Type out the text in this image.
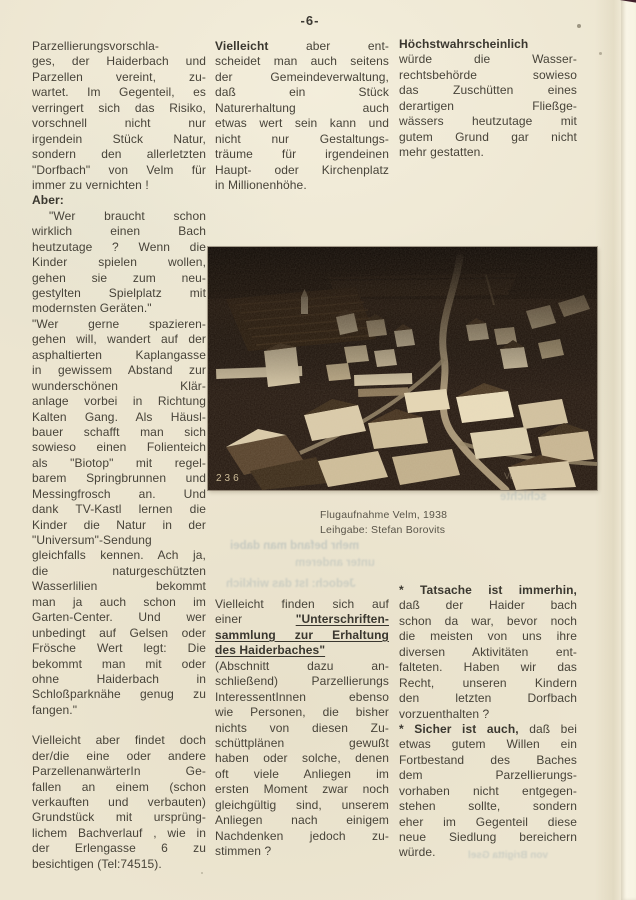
-6-
Parzellierungsvorschla-
ges, der Haiderbach und
Parzellen vereint, zu-
wartet. Im Gegenteil, es
verringert sich das Risiko,
vorschnell nicht nur
irgendein Stück Natur,
sondern den allerletzten
"Dorfbach" von Velm für
immer zu vernichten !
Aber:
"Wer braucht schon
wirklich einen Bach
heutzutage ? Wenn die
Kinder spielen wollen,
gehen sie zum neu-
gestylten Spielplatz mit
modernsten Geräten."
"Wer gerne spazieren-
gehen will, wandert auf der
asphaltierten Kaplangasse
in gewissem Abstand zur
wunderschönen Klär-
anlage vorbei in Richtung
Kalten Gang. Als Häusl-
bauer schafft man sich
sowieso einen Folienteich
als "Biotop" mit regel-
barem Springbrunnen und
Messingfrosch an. Und
dank TV-Kastl lernen die
Kinder die Natur in der
"Universum"-Sendung
gleichfalls kennen. Ach ja,
die naturgeschützten
Wasserlilien bekommt
man ja auch schon im
Garten-Center. Und wer
unbedingt auf Gelsen oder
Frösche Wert legt: Die
bekommt man mit oder
ohne Haiderbach in
Schloßparknähe genug zu
fangen."
Vielleicht aber findet doch
der/die eine oder andere
ParzellenanwärterIn Ge-
fallen an einem (schon
verkauften und verbauten)
Grundstück mit ursprüng-
lichem Bachverlauf , wie in
der Erlengasse 6 zu
besichtigen (Tel:74515).
Vielleicht aber ent-
scheidet man auch seitens
der Gemeindeverwaltung,
daß ein Stück
Naturerhaltung auch
etwas wert sein kann und
nicht nur Gestaltungs-
träume für irgendeinen
Haupt- oder Kirchenplatz
in Millionenhöhe.
Höchstwahrscheinlich
würde die Wasser-
rechtsbehörde sowieso
das Zuschütten eines
derartigen Fließge-
wässers heutzutage mit
gutem Grund gar nicht
mehr gestatten.
Vielleicht finden sich auf
einer "Unterschriften-
sammlung zur Erhaltung
des Haiderbaches"
(Abschnitt dazu an-
schließend) Parzellierungs
InteressentInnen ebenso
wie Personen, die bisher
nichts von diesen Zu-
schüttplänen gewußt
haben oder solche, denen
oft viele Anliegen im
ersten Moment zwar noch
gleichgültig sind, unserem
Anliegen nach einigem
Nachdenken jedoch zu-
stimmen ?
* Tatsache ist immerhin,
daß der Haider bach
schon da war, bevor noch
die meisten von uns ihre
diversen Aktivitäten ent-
falteten. Haben wir das
Recht, unseren Kindern
den letzten Dorfbach
vorzuenthalten ?
* Sicher ist auch, daß bei
etwas gutem Willen ein
Fortbestand des Baches
dem Parzellierungs-
vorhaben nicht entgegen-
stehen sollte, sondern
eher im Gegenteil diese
neue Siedlung bereichern
würde.
236	Velm N.Ö.
Flugaufnahme Velm, 1938
Leihgabe: Stefan Borovits
mehr befand man dabei
unter anderem
Jedoch: Ist das wirklich
schichte
von Brigitta Gsel
